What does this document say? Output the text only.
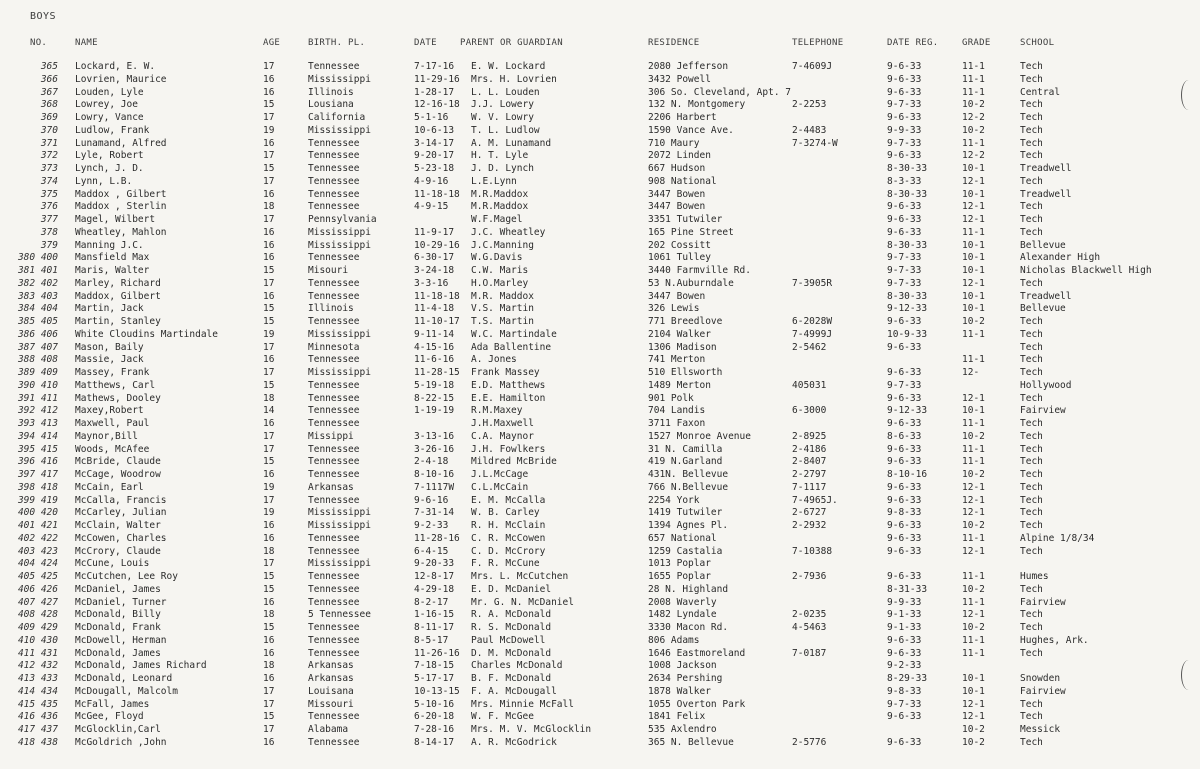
BOYS
NO.	NAME	AGE	BIRTH. PL.	DATE	PARENT OR GUARDIAN	RESIDENCE	TELEPHONE	DATE REG.	GRADE	SCHOOL
365 Lockard, E. W.	17	Tennessee	7-17-16 E. W. Lockard	2080 Jefferson	7-4609J	9-6-33	11-1	Tech
366 Lovrien, Maurice	16	Mississippi	11-29-16 Mrs. H. Lovrien	3432 Powell	9-6-33	11-1	Tech
367 Louden, Lyle	16	Illinois	1-28-17 L. L. Louden	306 So. Cleveland, Apt. 7	9-6-33	11-1	Central
368 Lowrey, Joe	15	Lousiana	12-16-18 J.J. Lowery	132 N. Montgomery	2-2253	9-7-33	10-2	Tech
369 Lowry, Vance	17	California	5-1-16 W. V. Lowry	2206 Harbert	9-6-33	12-2	Tech
370 Ludlow, Frank	19	Mississippi	10-6-13 T. L. Ludlow	1590 Vance Ave.	2-4483	9-9-33	10-2	Tech
371 Lunamand, Alfred	16	Tennessee	3-14-17 A. M. Lunamand	710 Maury	7-3274-W	9-7-33	11-1	Tech
372 Lyle, Robert	17	Tennessee	9-20-17 H. T. Lyle	2072 Linden	9-6-33	12-2	Tech
373 Lynch, J. D.	15	Tennessee	5-23-18 J. D. Lynch	667 Hudson	8-30-33	10-1	Treadwell
374 Lynn, L.B.	17	Tennessee	4-9-16 L.E.Lynn	908 National	8-3-33	12-1	Tech
375 Maddox , Gilbert	16	Tennessee	11-18-18 M.R.Maddox	3447 Bowen	8-30-33	10-1	Treadwell
376 Maddox , Sterlin	18	Tennessee	4-9-15 M.R.Maddox	3447 Bowen	9-6-33	12-1	Tech
377 Magel, Wilbert	17	Pennsylvania	W.F.Magel	3351 Tutwiler	9-6-33	12-1	Tech
378 Wheatley, Mahlon	16	Mississippi	11-9-17 J.C. Wheatley	165 Pine Street	9-6-33	11-1	Tech
379 Manning J.C.	16	Mississippi	10-29-16 J.C.Manning	202 Cossitt	8-30-33	10-1	Bellevue
380 400 Mansfield Max	16	Tennessee	6-30-17 W.G.Davis	1061 Tulley	9-7-33	10-1	Alexander High
381 401 Maris, Walter	15	Misouri	3-24-18 C.W. Maris	3440 Farmville Rd.	9-7-33	10-1	Nicholas Blackwell High
382 402 Marley, Richard	17	Tennessee	3-3-16 H.O.Marley	53 N.Auburndale	7-3905R	9-7-33	12-1	Tech
383 403 Maddox, Gilbert	16	Tennessee	11-18-18 M.R. Maddox	3447 Bowen	8-30-33	10-1	Treadwell
384 404 Martin, Jack	15	Illinois	11-4-18 V.S. Martin	326 Lewis	9-12-33	10-1	Bellevue
385 405 Martin, Stanley	15	Tennessee	11-10-17 T.S. Martin	771 Breedlove	6-2028W	9-6-33	10-2	Tech
386 406 White Cloudins Martindale	19	Mississippi	9-11-14 W.C. Martindale	2104 Walker	7-4999J	10-9-33	11-1	Tech
387 407 Mason, Baily	17	Minnesota	4-15-16 Ada Ballentine	1306 Madison	2-5462	9-6-33	Tech
388 408 Massie, Jack	16	Tennessee	11-6-16 A. Jones	741 Merton	11-1	Tech
389 409 Massey, Frank	17	Mississippi	11-28-15 Frank Massey	510 Ellsworth	9-6-33	12-	Tech
390 410 Matthews, Carl	15	Tennessee	5-19-18 E.D. Matthews	1489 Merton	405031	9-7-33	Hollywood
391 411 Mathews, Dooley	18	Tennessee	8-22-15 E.E. Hamilton	901 Polk	9-6-33	12-1	Tech
392 412 Maxey,Robert	14	Tennessee	1-19-19 R.M.Maxey	704 Landis	6-3000	9-12-33	10-1	Fairview
393 413 Maxwell, Paul	16	Tennessee	J.H.Maxwell	3711 Faxon	9-6-33	11-1	Tech
394 414 Maynor,Bill	17	Missippi	3-13-16 C.A. Maynor	1527 Monroe Avenue	2-8925	8-6-33	10-2	Tech
395 415 Woods, McAfee	17	Tennessee	3-26-16 J.H. Fowlkers	31 N. Camilla	2-4186	9-6-33	11-1	Tech
396 416 McBride, Claude	15	Tennessee	2-4-18 Mildred McBride	419 N.Garland	2-8407	9-6-33	11-1	Tech
397 417 McCage, Woodrow	16	Tennessee	8-10-16 J.L.McCage	431N. Bellevue	2-2797	8-10-16	10-2	Tech
398 418 McCain, Earl	19	Arkansas	7-1117W C.L.McCain	766 N.Bellevue	7-1117	9-6-33	12-1	Tech
399 419 McCalla, Francis	17	Tennessee	9-6-16 E. M. McCalla	2254 York	7-4965J.	9-6-33	12-1	Tech
400 420 McCarley, Julian	19	Mississippi	7-31-14 W. B. Carley	1419 Tutwiler	2-6727	9-8-33	12-1	Tech
401 421 McClain, Walter	16	Mississippi	9-2-33 R. H. McClain	1394 Agnes Pl.	2-2932	9-6-33	10-2	Tech
402 422 McCowen, Charles	16	Tennessee	11-28-16 C. R. McCowen	657 National	9-6-33	11-1	Alpine 1/8/34
403 423 McCrory, Claude	18	Tennessee	6-4-15 C. D. McCrory	1259 Castalia	7-10388	9-6-33	12-1	Tech
404 424 McCune, Louis	17	Mississippi	9-20-33 F. R. McCune	1013 Poplar
405 425 McCutchen, Lee Roy	15	Tennessee	12-8-17 Mrs. L. McCutchen	1655 Poplar	2-7936	9-6-33	11-1	Humes
406 426 McDaniel, James	15	Tennessee	4-29-18 E. D. McDaniel	28 N. Highland	8-31-33	10-2	Tech
407 427 McDaniel, Turner	16	Tennessee	8-2-17 Mr. G. N. McDaniel	2008 Waverly	9-9-33	11-1	Fairview
408 428 McDonald, Billy	18	5 Tennessee	1-16-15 R. A. McDonald	1482 Lyndale	2-0235	9-1-33	12-1	Tech
409 429 McDonald, Frank	15	Tennessee	8-11-17 R. S. McDonald	3330 Macon Rd.	4-5463	9-1-33	10-2	Tech
410 430 McDowell, Herman	16	Tennessee	8-5-17 Paul McDowell	806 Adams	9-6-33	11-1	Hughes, Ark.
411 431 McDonald, James	16	Tennessee	11-26-16 D. M. McDonald	1646 Eastmoreland	7-0187	9-6-33	11-1	Tech
412 432 McDonald, James Richard	18	Arkansas	7-18-15 Charles McDonald	1008 Jackson	9-2-33
413 433 McDonald, Leonard	16	Arkansas	5-17-17 B. F. McDonald	2634 Pershing	8-29-33	10-1	Snowden
414 434 McDougall, Malcolm	17	Louisana	10-13-15 F. A. McDougall	1878 Walker	9-8-33	10-1	Fairview
415 435 McFall, James	17	Missouri	5-10-16 Mrs. Minnie McFall	1055 Overton Park	9-7-33	12-1	Tech
416 436 McGee, Floyd	15	Tennessee	6-20-18 W. F. McGee	1841 Felix	9-6-33	12-1	Tech
417 437 McGlocklin,Carl	17	Alabama	7-28-16 Mrs. M. V. McGlocklin	535 Axlendro	10-2	Messick
418 438 McGoldrich ,John	16	Tennessee	8-14-17 A. R. McGodrick	365 N. Bellevue	2-5776	9-6-33	10-2	Tech
